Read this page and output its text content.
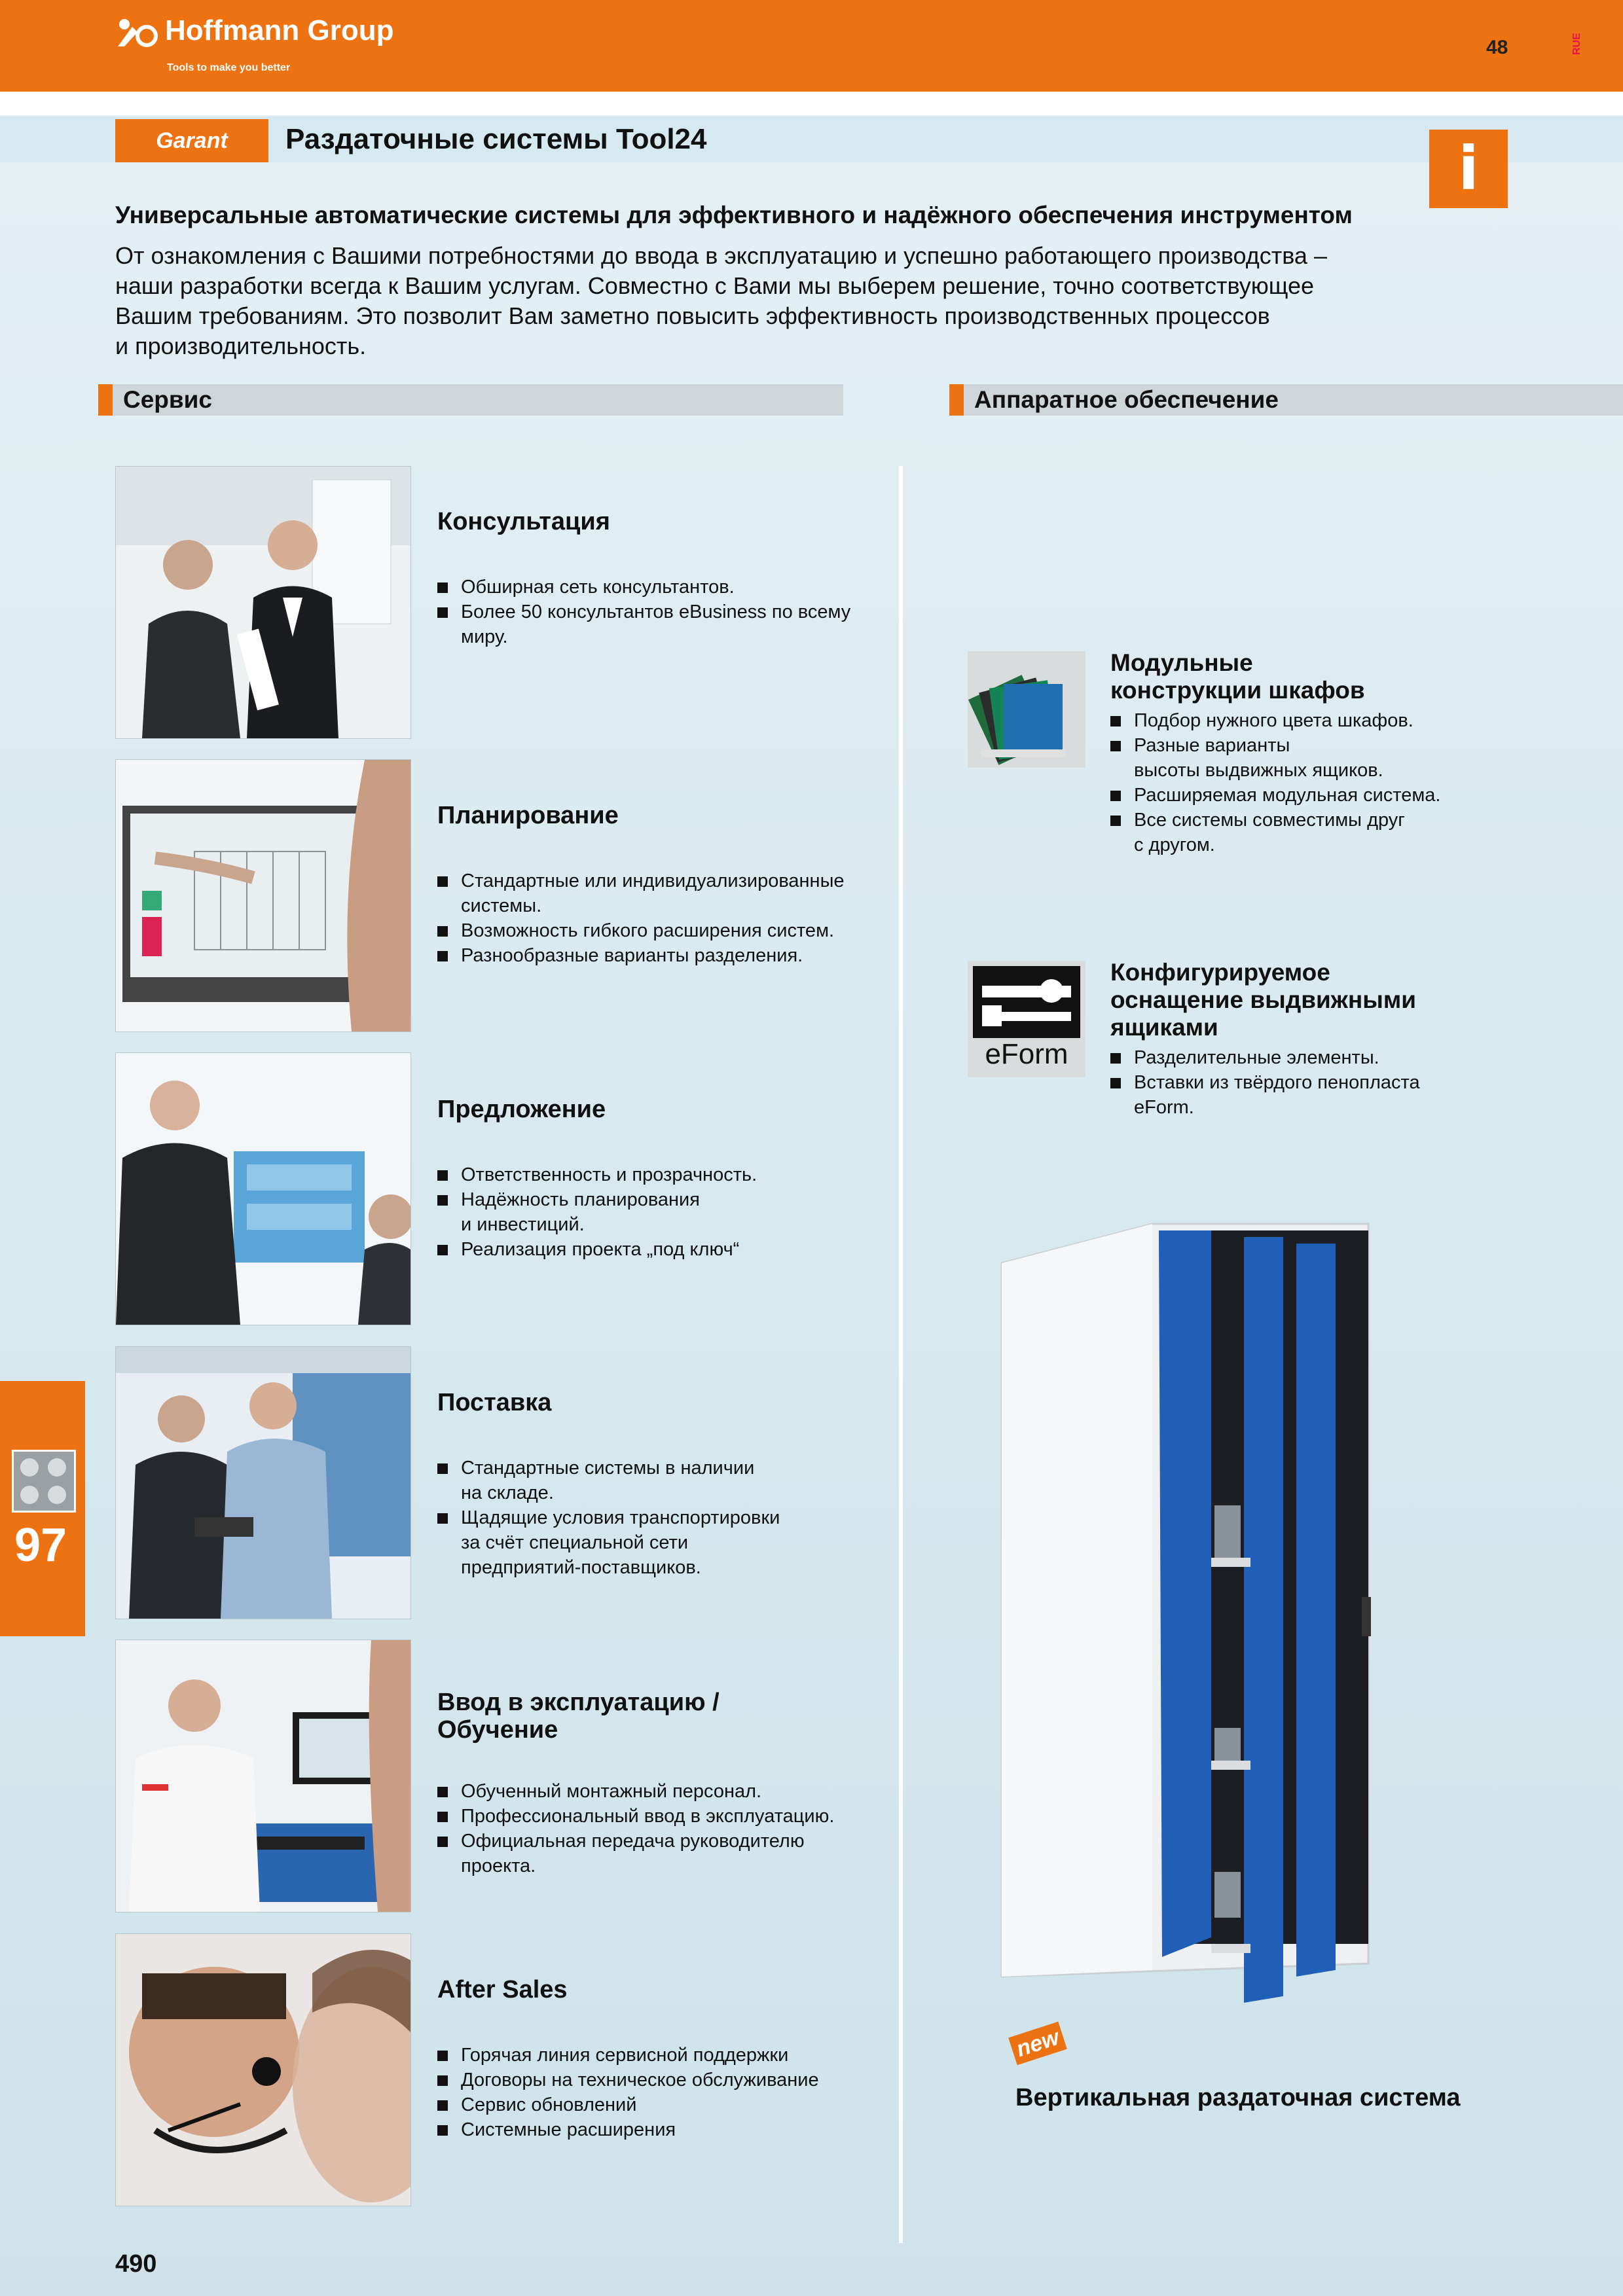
Hoffmann Group
Tools to make you better
48	RUE
Garant	Раздаточные системы Tool24	i
Универсальные автоматические системы для эффективного и надёжного обеспечения инструментом
От ознакомления с Вашими потребностями до ввода в эксплуатацию и успешно работающего производства –
наши разработки всегда к Вашим услугам. Совместно с Вами мы выберем решение, точно соответствующее
Вашим требованиям. Это позволит Вам заметно повысить эффективность производственных процессов
и производительность.
Сервис	Аппаратное обеспечение
Консультация
Обширная сеть консультантов.
Более 50 консультантов eBusiness по всему миру.
Планирование
Стандартные или индивидуализированные
системы.
Возможность гибкого расширения систем.
Разнообразные варианты разделения.
Предложение
Ответственность и прозрачность.
Надёжность планирования
и инвестиций.
Реализация проекта „под ключ“
Поставка
Стандартные системы в наличии
на складе.
Щадящие условия транспортировки
за счёт специальной сети
предприятий-поставщиков.
Ввод в эксплуатацию /
Обучение
Обученный монтажный персонал.
Профессиональный ввод в эксплуатацию.
Официальная передача руководителю
проекта.
After Sales
Горячая линия сервисной поддержки
Договоры на техническое обслуживание
Сервис обновлений
Системные расширения
Модульные
конструкции шкафов
Подбор нужного цвета шкафов.
Разные варианты
высоты выдвижных ящиков.
Расширяемая модульная система.
Все системы совместимы друг
с другом.
eForm
Конфигурируемое
оснащение выдвижными
ящиками
Разделительные элементы.
Вставки из твёрдого пенопласта
eForm.
new
Вертикальная раздаточная система
97
490
